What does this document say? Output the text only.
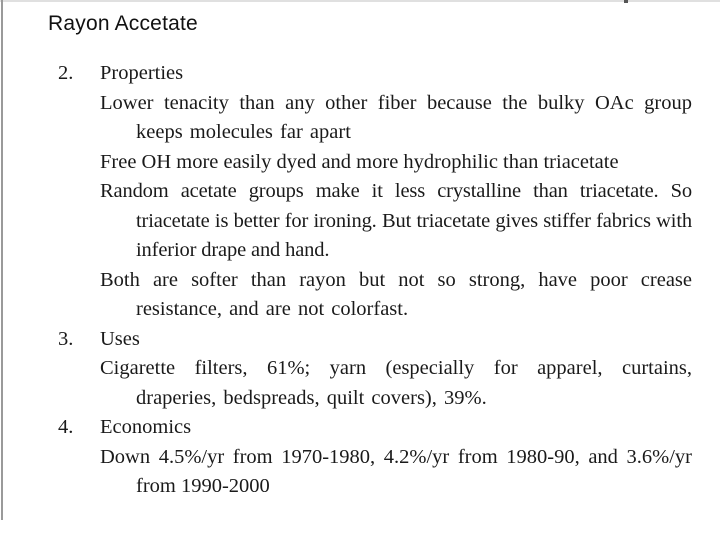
Rayon Accetate
2. Properties

Lower tenacity than any other fiber because the bulky OAc group keeps molecules far apart

Free OH more easily dyed and more hydrophilic than triacetate

Random acetate groups make it less crystalline than triacetate. So triacetate is better for ironing. But triacetate gives stiffer fabrics with inferior drape and hand.

Both are softer than rayon but not so strong, have poor crease resistance, and are not colorfast.

3. Uses

Cigarette filters, 61%; yarn (especially for apparel, curtains, draperies, bedspreads, quilt covers), 39%.

4. Economics

Down 4.5%/yr from 1970-1980, 4.2%/yr from 1980-90, and 3.6%/yr from 1990-2000
